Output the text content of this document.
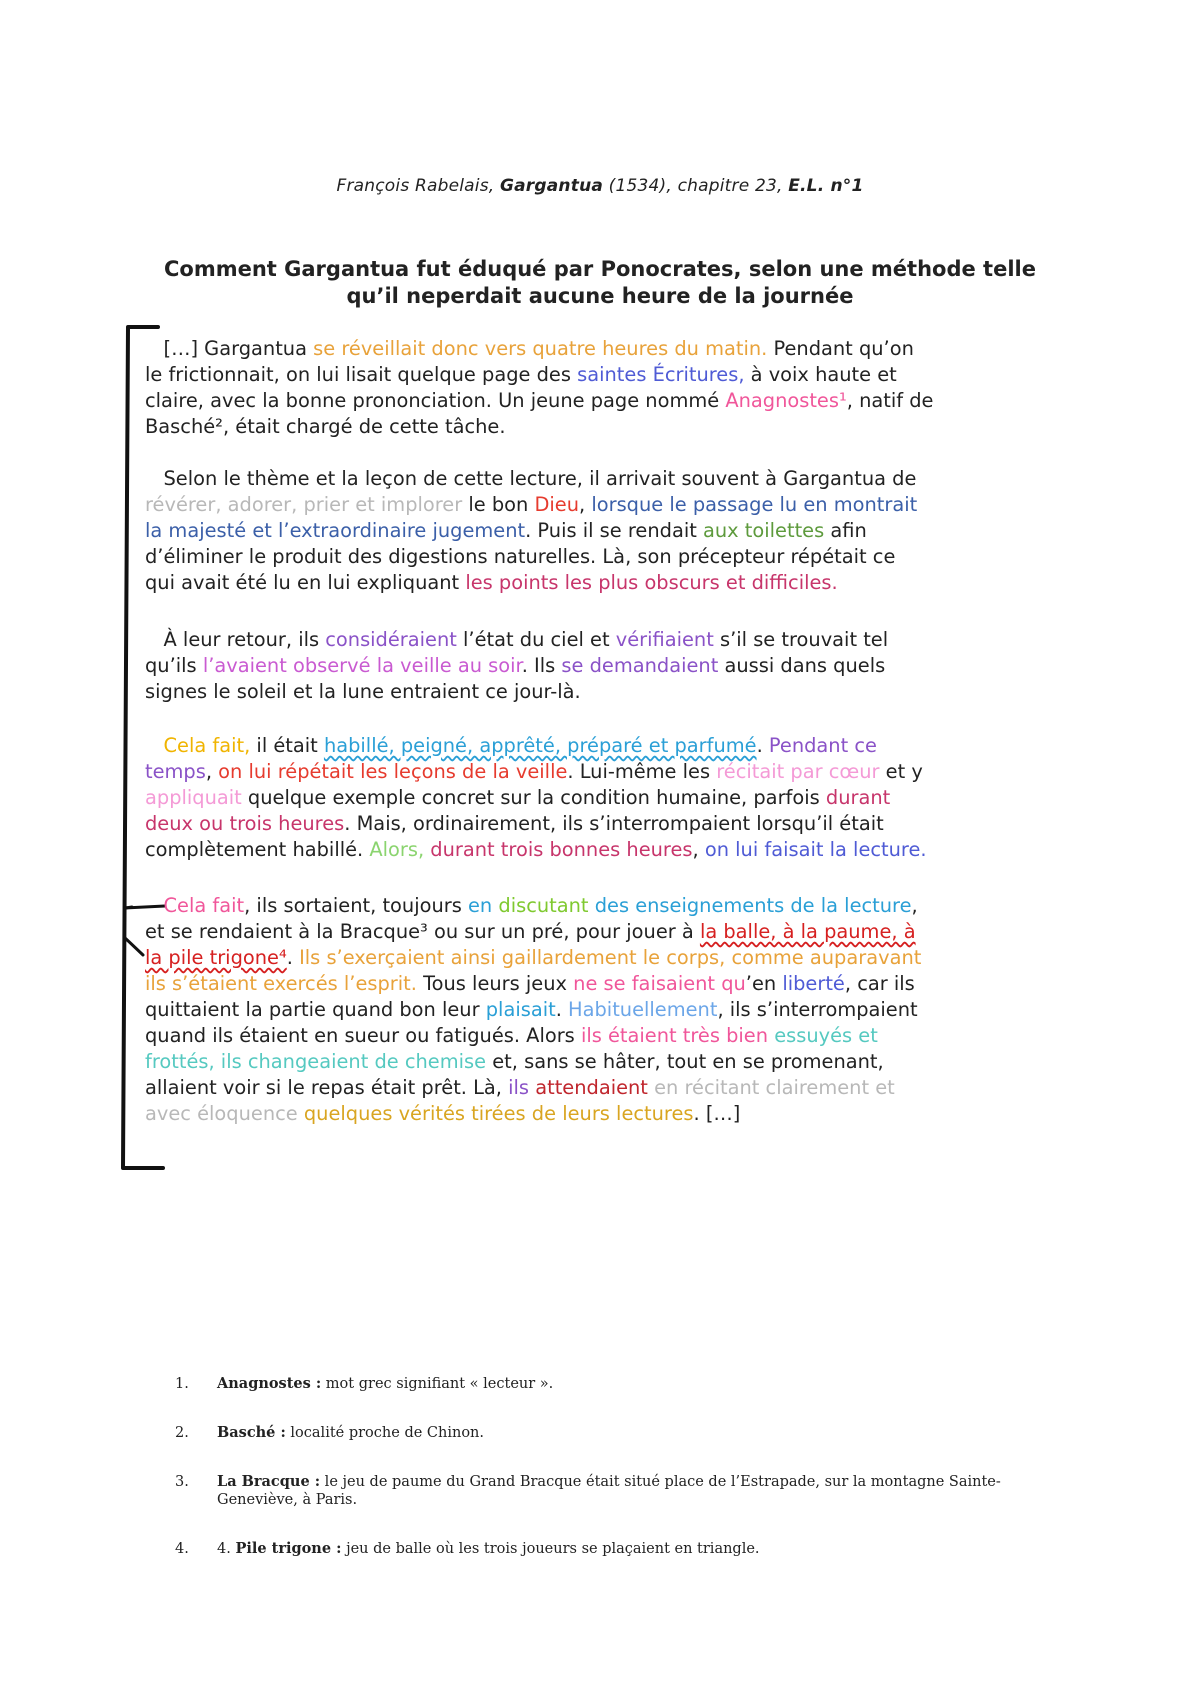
François Rabelais, Gargantua (1534), chapitre 23, E.L. n°1
Comment Gargantua fut éduqué par Ponocrates, selon une méthode telle
qu’il neperdait aucune heure de la journée
[…] Gargantua se réveillait donc vers quatre heures du matin. Pendant qu’on
le frictionnait, on lui lisait quelque page des saintes Écritures, à voix haute et
claire, avec la bonne prononciation. Un jeune page nommé Anagnostes¹, natif de
Basché², était chargé de cette tâche.
Selon le thème et la leçon de cette lecture, il arrivait souvent à Gargantua de
révérer, adorer, prier et implorer le bon Dieu, lorsque le passage lu en montrait
la majesté et l’extraordinaire jugement. Puis il se rendait aux toilettes afin
d’éliminer le produit des digestions naturelles. Là, son précepteur répétait ce
qui avait été lu en lui expliquant les points les plus obscurs et difficiles.
À leur retour, ils considéraient l’état du ciel et vérifiaient s’il se trouvait tel
qu’ils l’avaient observé la veille au soir. Ils se demandaient aussi dans quels
signes le soleil et la lune entraient ce jour-là.
Cela fait, il était habillé, peigné, apprêté, préparé et parfumé. Pendant ce
temps, on lui répétait les leçons de la veille. Lui-même les récitait par cœur et y
appliquait quelque exemple concret sur la condition humaine, parfois durant
deux ou trois heures. Mais, ordinairement, ils s’interrompaient lorsqu’il était
complètement habillé. Alors, durant trois bonnes heures, on lui faisait la lecture.
Cela fait, ils sortaient, toujours en discutant des enseignements de la lecture,
et se rendaient à la Bracque³ ou sur un pré, pour jouer à la balle, à la paume, à
la pile trigone⁴. Ils s’exerçaient ainsi gaillardement le corps, comme auparavant
ils s’étaient exercés l’esprit. Tous leurs jeux ne se faisaient qu’en liberté, car ils
quittaient la partie quand bon leur plaisait. Habituellement, ils s’interrompaient
quand ils étaient en sueur ou fatigués. Alors ils étaient très bien essuyés et
frottés, ils changeaient de chemise et, sans se hâter, tout en se promenant,
allaient voir si le repas était prêt. Là, ils attendaient en récitant clairement et
avec éloquence quelques vérités tirées de leurs lectures. […]
1.	Anagnostes : mot grec signifiant « lecteur ».
2.	Basché : localité proche de Chinon.
3.	La Bracque : le jeu de paume du Grand Bracque était situé place de l’Estrapade, sur la montagne Sainte-Geneviève, à Paris.
4.	4. Pile trigone : jeu de balle où les trois joueurs se plaçaient en triangle.
